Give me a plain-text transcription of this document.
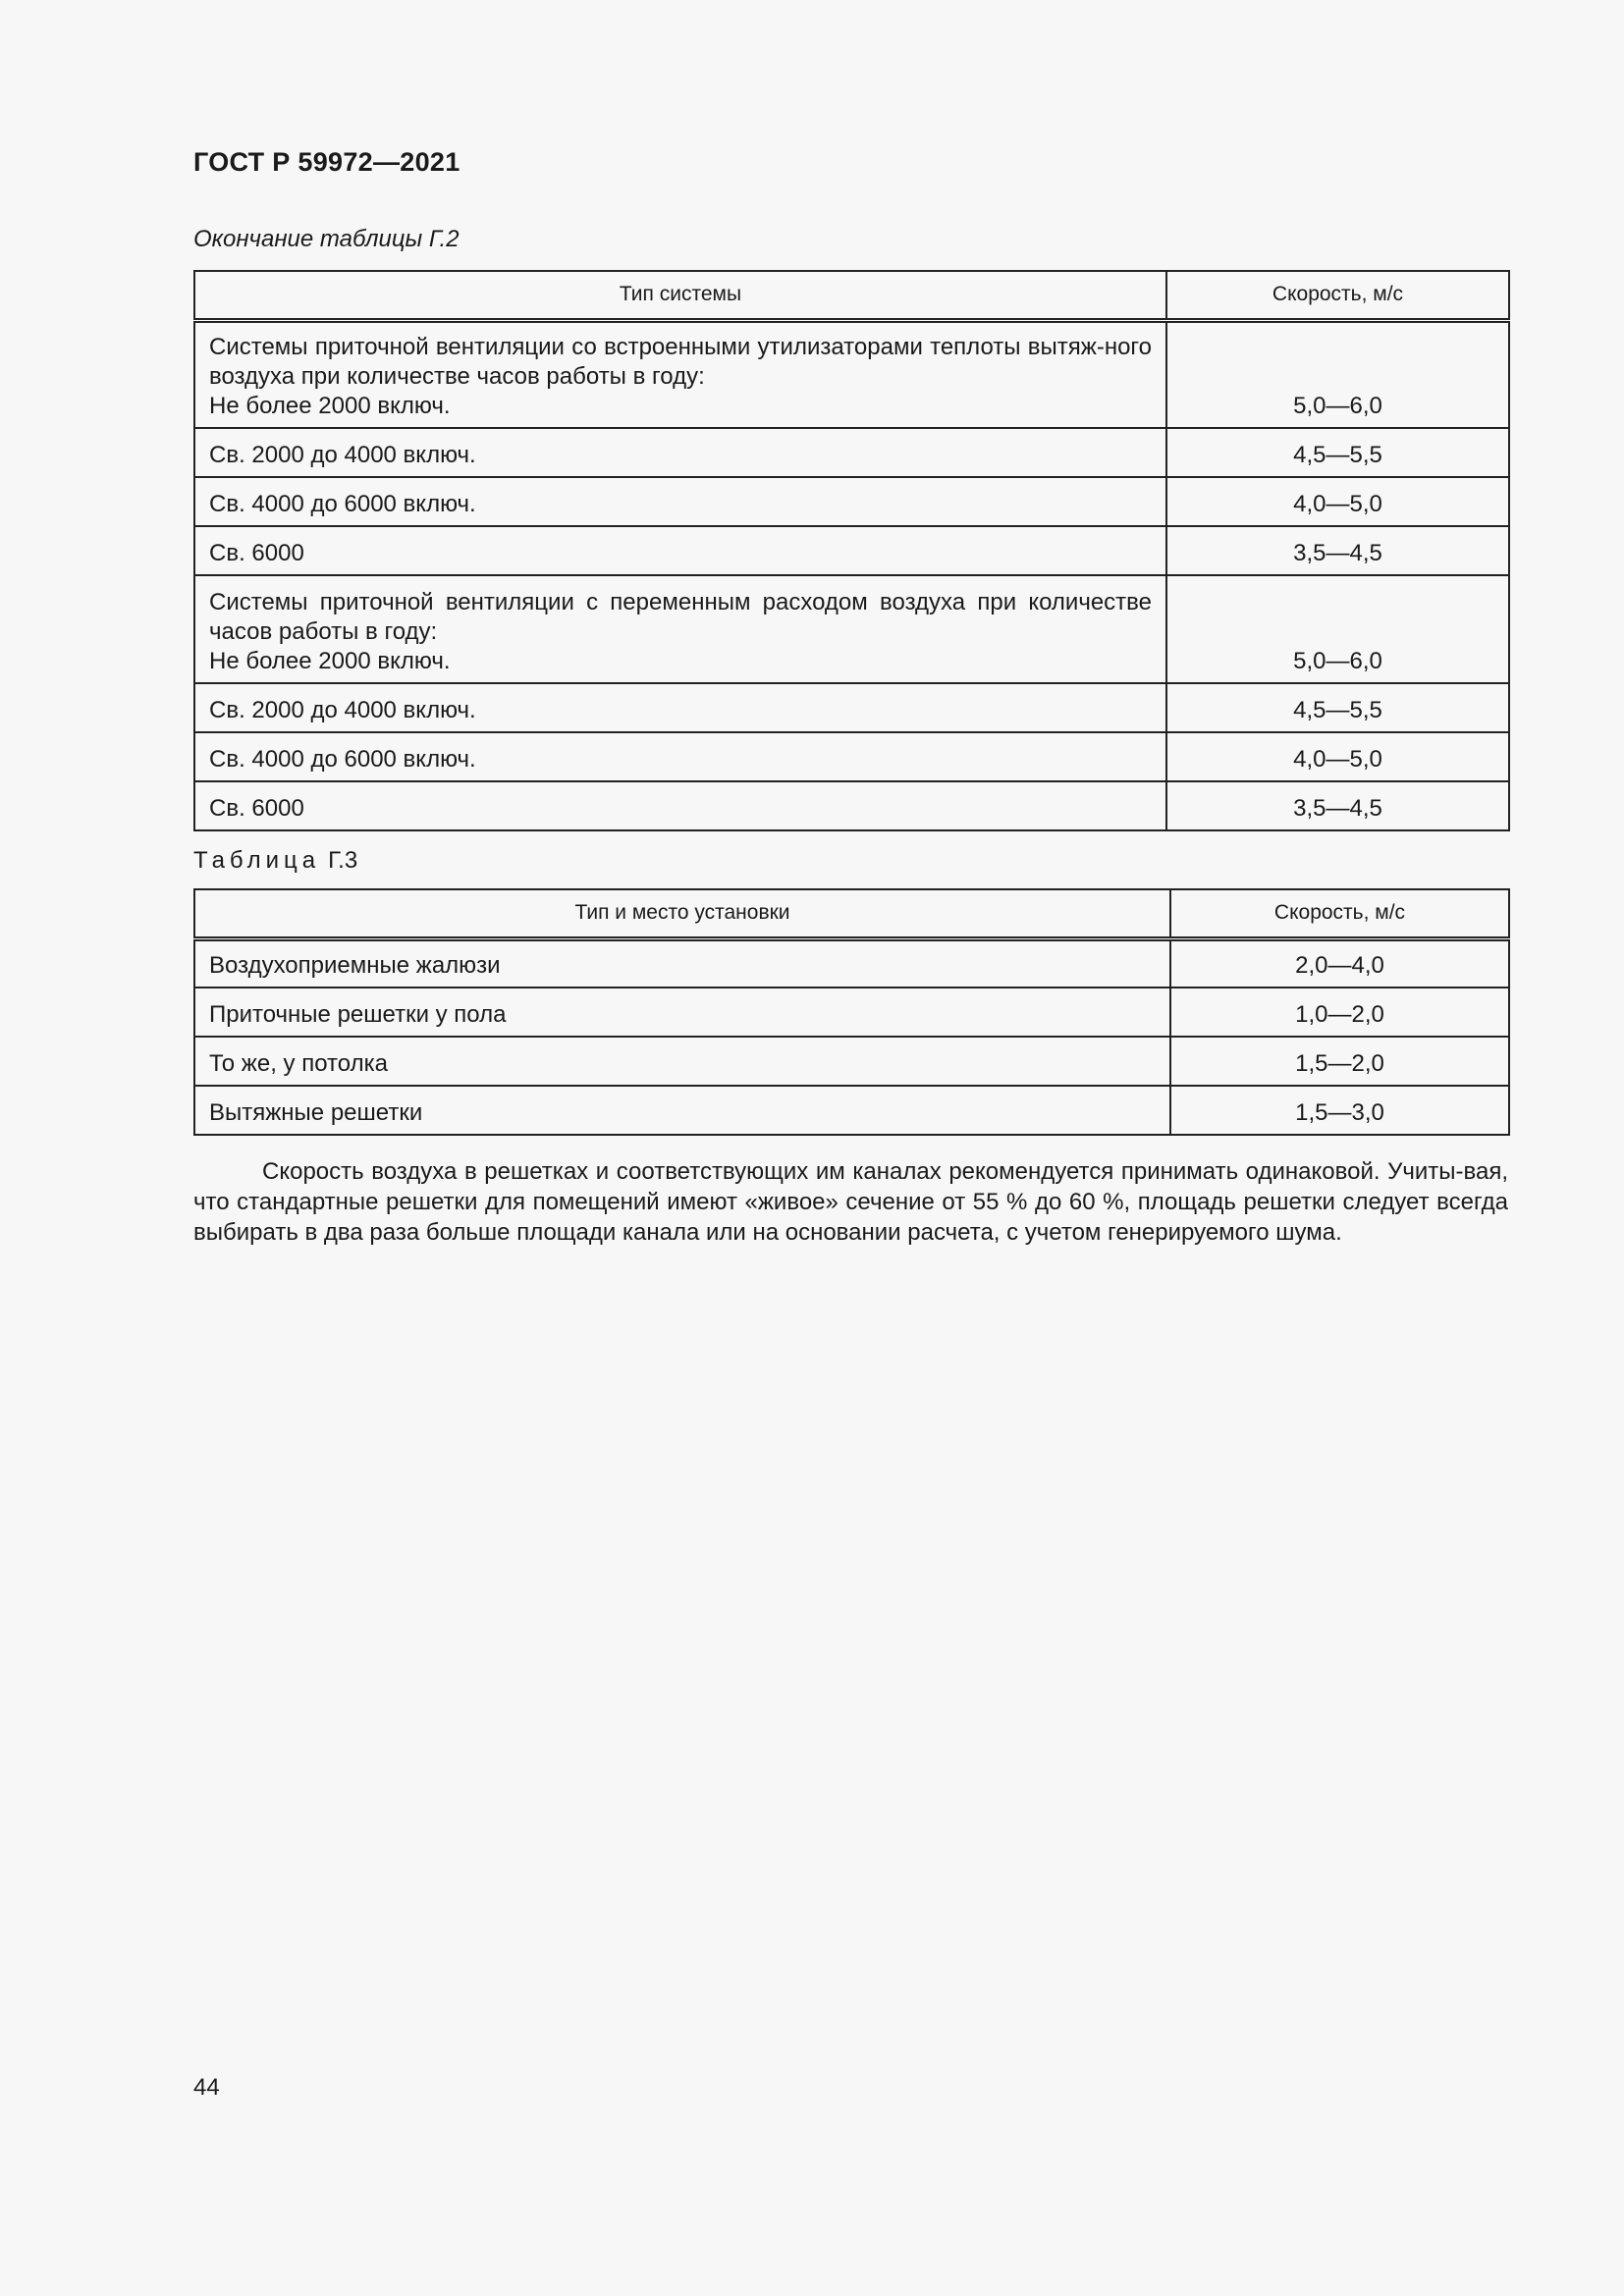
ГОСТ Р 59972—2021
Окончание таблицы Г.2
Тип системы	Скорость, м/с

Системы приточной вентиляции со встроенными утилизаторами теплоты вытяж-ного воздуха при количестве часов работы в году:
Не более 2000 включ.	5,0—6,0
Св. 2000 до 4000 включ.	4,5—5,5
Св. 4000 до 6000 включ.	4,0—5,0
Св. 6000	3,5—4,5

Системы приточной вентиляции с переменным расходом воздуха при количестве часов работы в году:
Не более 2000 включ.	5,0—6,0
Св. 2000 до 4000 включ.	4,5—5,5
Св. 4000 до 6000 включ.	4,0—5,0
Св. 6000	3,5—4,5
Таблица Г.3
Тип и место установки	Скорость, м/с
Воздухоприемные жалюзи	2,0—4,0
Приточные решетки у пола	1,0—2,0
То же, у потолка	1,5—2,0
Вытяжные решетки	1,5—3,0
Скорость воздуха в решетках и соответствующих им каналах рекомендуется принимать одинаковой. Учиты-вая, что стандартные решетки для помещений имеют «живое» сечение от 55 % до 60 %, площадь решетки следует всегда выбирать в два раза больше площади канала или на основании расчета, с учетом генерируемого шума.
44
